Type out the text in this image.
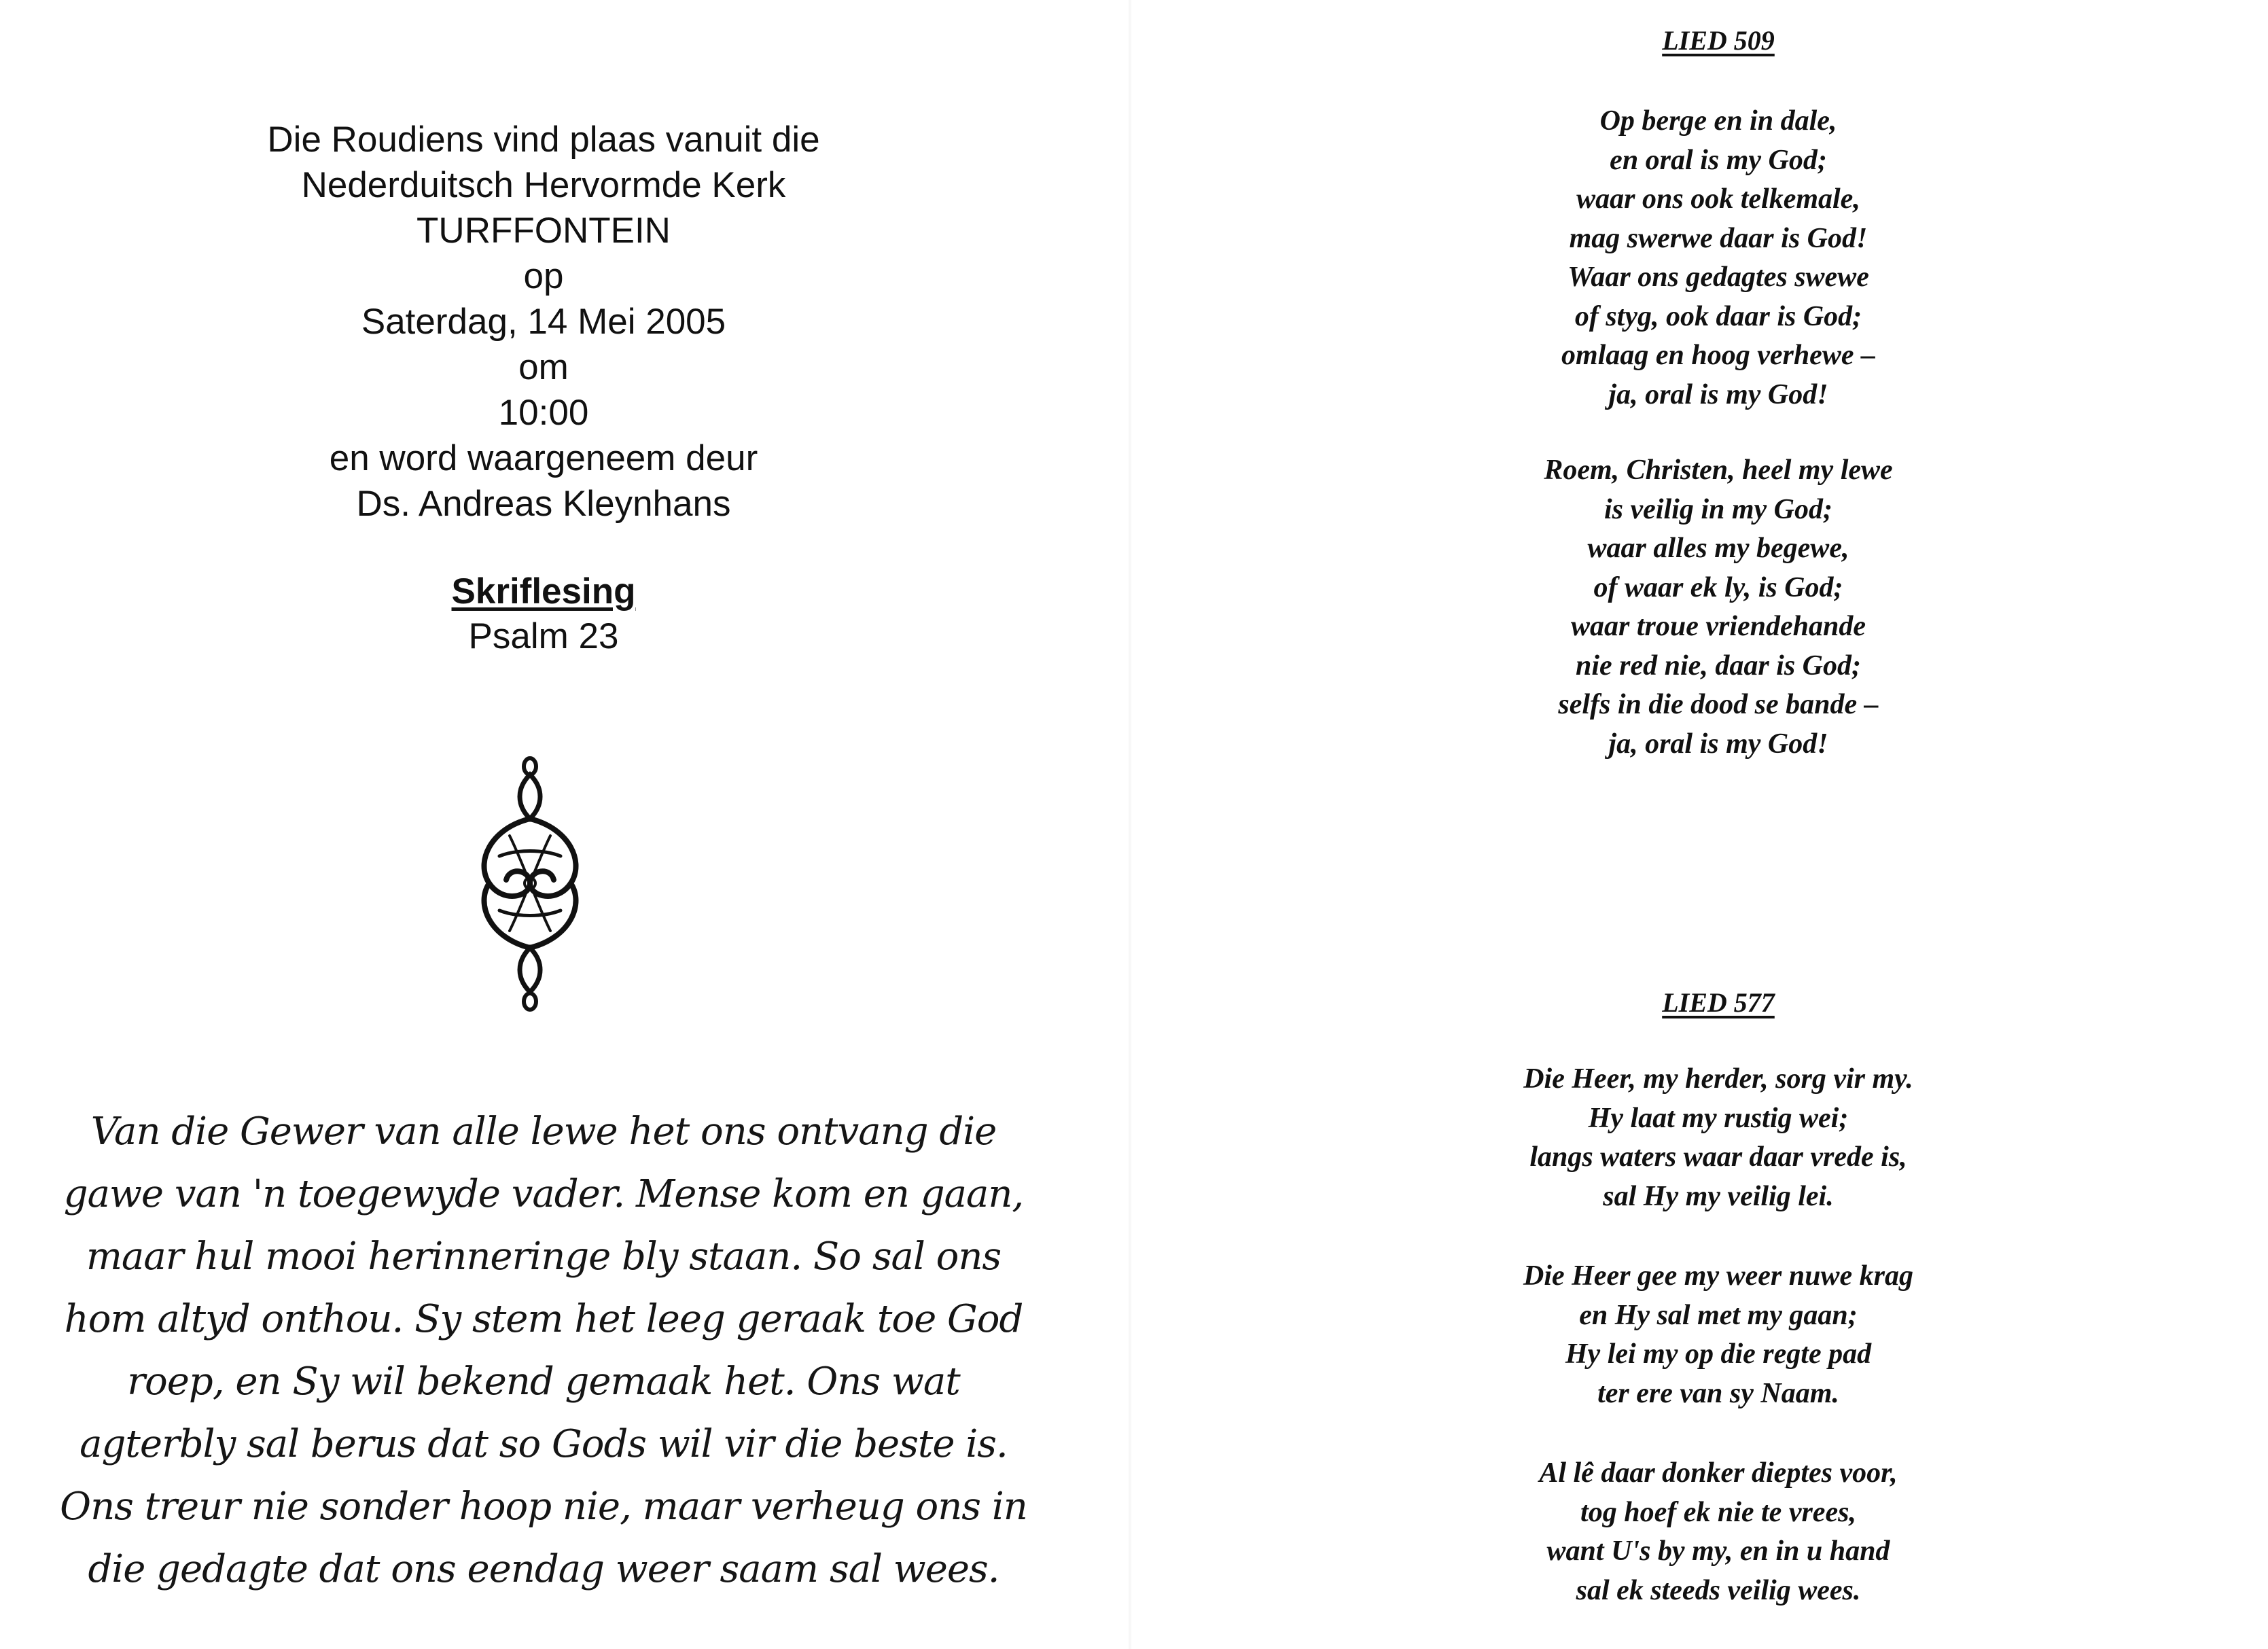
Die Roudiens vind plaas vanuit die
Nederduitsch Hervormde Kerk
TURFFONTEIN
op
Saterdag, 14 Mei 2005
om
10:00
en word waargeneem deur
Ds. Andreas Kleynhans
Skriflesing
Psalm 23
Van die Gewer van alle lewe het ons ontvang die gawe van 'n toegewyde vader. Mense kom en gaan, maar hul mooi herinneringe bly staan. So sal ons hom altyd onthou. Sy stem het leeg geraak toe God roep, en Sy wil bekend gemaak het. Ons wat agterbly sal berus dat so Gods wil vir die beste is. Ons treur nie sonder hoop nie, maar verheug ons in die gedagte dat ons eendag weer saam sal wees.
LIED 509
Op berge en in dale,
en oral is my God;
waar ons ook telkemale,
mag swerwe daar is God!
Waar ons gedagtes swewe
of styg, ook daar is God;
omlaag en hoog verhewe –
ja, oral is my God!
Roem, Christen, heel my lewe
is veilig in my God;
waar alles my begewe,
of waar ek ly, is God;
waar troue vriendehande
nie red nie, daar is God;
selfs in die dood se bande –
ja, oral is my God!
LIED 577
Die Heer, my herder, sorg vir my.
Hy laat my rustig wei;
langs waters waar daar vrede is,
sal Hy my veilig lei.
Die Heer gee my weer nuwe krag
en Hy sal met my gaan;
Hy lei my op die regte pad
ter ere van sy Naam.
Al lê daar donker dieptes voor,
tog hoef ek nie te vrees,
want U's by my, en in u hand
sal ek steeds veilig wees.
